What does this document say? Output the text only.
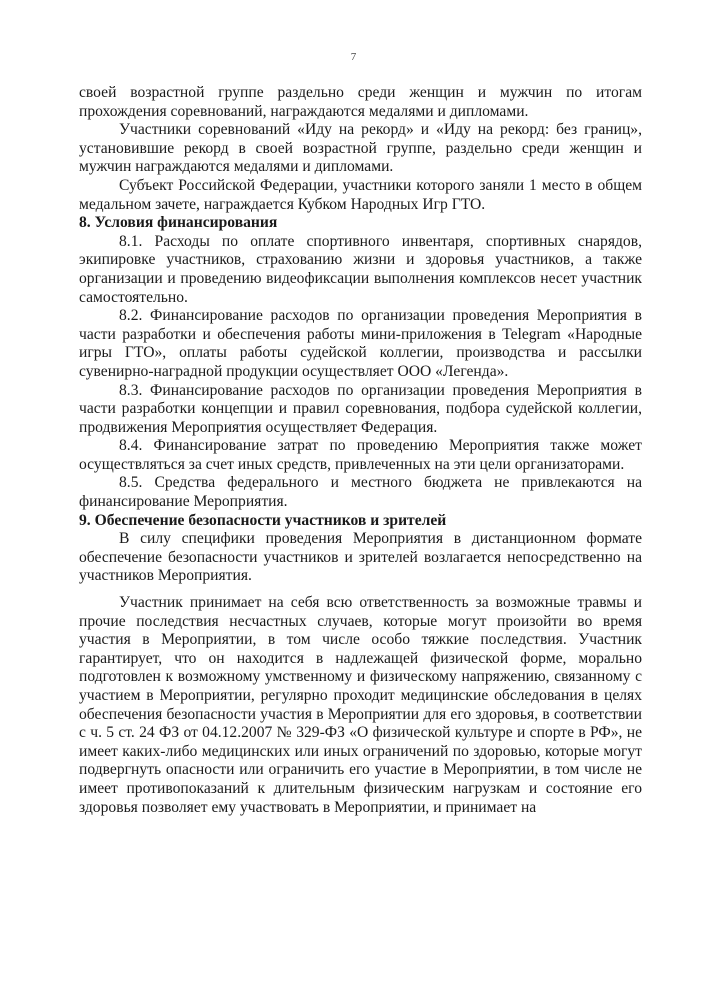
7

своей возрастной группе раздельно среди женщин и мужчин по итогам прохождения соревнований, награждаются медалями и дипломами.

Участники соревнований «Иду на рекорд» и «Иду на рекорд: без границ», установившие рекорд в своей возрастной группе, раздельно среди женщин и мужчин награждаются медалями и дипломами.

Субъект Российской Федерации, участники которого заняли 1 место в общем медальном зачете, награждается Кубком Народных Игр ГТО.

8. Условия финансирования

8.1. Расходы по оплате спортивного инвентаря, спортивных снарядов, экипировке участников, страхованию жизни и здоровья участников, а также организации и проведению видеофиксации выполнения комплексов несет участник самостоятельно.

8.2. Финансирование расходов по организации проведения Мероприятия в части разработки и обеспечения работы мини-приложения в Telegram «Народные игры ГТО», оплаты работы судейской коллегии, производства и рассылки сувенирно-наградной продукции осуществляет ООО «Легенда».

8.3. Финансирование расходов по организации проведения Мероприятия в части разработки концепции и правил соревнования, подбора судейской коллегии, продвижения Мероприятия осуществляет Федерация.

8.4. Финансирование затрат по проведению Мероприятия также может осуществляться за счет иных средств, привлеченных на эти цели организаторами.

8.5. Средства федерального и местного бюджета не привлекаются на финансирование Мероприятия.

9. Обеспечение безопасности участников и зрителей

В силу специфики проведения Мероприятия в дистанционном формате обеспечение безопасности участников и зрителей возлагается непосредственно на участников Мероприятия.

Участник принимает на себя всю ответственность за возможные травмы и прочие последствия несчастных случаев, которые могут произойти во время участия в Мероприятии, в том числе особо тяжкие последствия. Участник гарантирует, что он находится в надлежащей физической форме, морально подготовлен к возможному умственному и физическому напряжению, связанному с участием в Мероприятии, регулярно проходит медицинские обследования в целях обеспечения безопасности участия в Мероприятии для его здоровья, в соответствии с ч. 5 ст. 24 ФЗ от 04.12.2007 № 329-ФЗ «О физической культуре и спорте в РФ», не имеет каких-либо медицинских или иных ограничений по здоровью, которые могут подвергнуть опасности или ограничить его участие в Мероприятии, в том числе не имеет противопоказаний к длительным физическим нагрузкам и состояние его здоровья позволяет ему участвовать в Мероприятии, и принимает на
